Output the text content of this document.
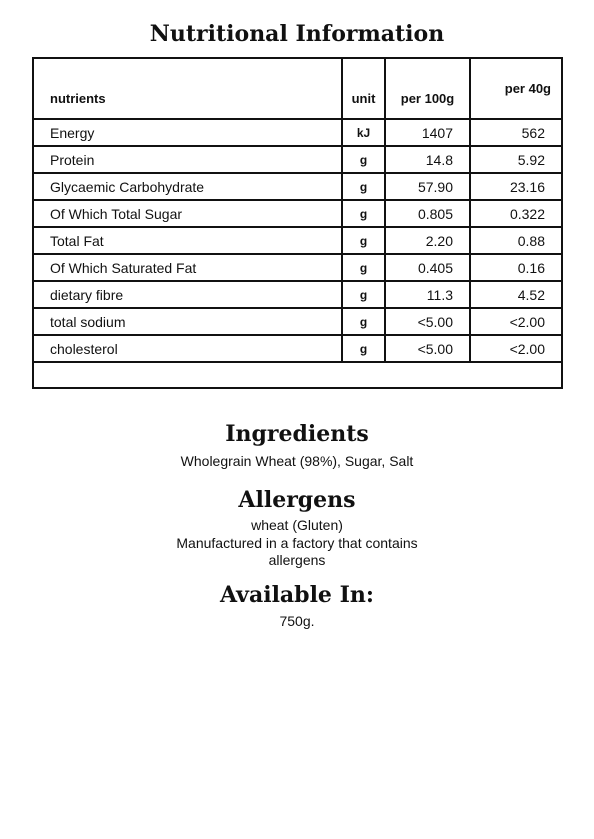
Nutritional Information
nutrients	unit	per 100g	per 40g
Energy	kJ	1407	562
Protein	g	14.8	5.92
Glycaemic Carbohydrate	g	57.90	23.16
Of Which Total Sugar	g	0.805	0.322
Total Fat	g	2.20	0.88
Of Which Saturated Fat	g	0.405	0.16
dietary fibre	g	11.3	4.52
total sodium	g	<5.00	<2.00
cholesterol	g	<5.00	<2.00

Ingredients

Wholegrain Wheat (98%), Sugar, Salt

Allergens

wheat (Gluten)

Manufactured in a factory that contains

allergens

Available In:

750g.
